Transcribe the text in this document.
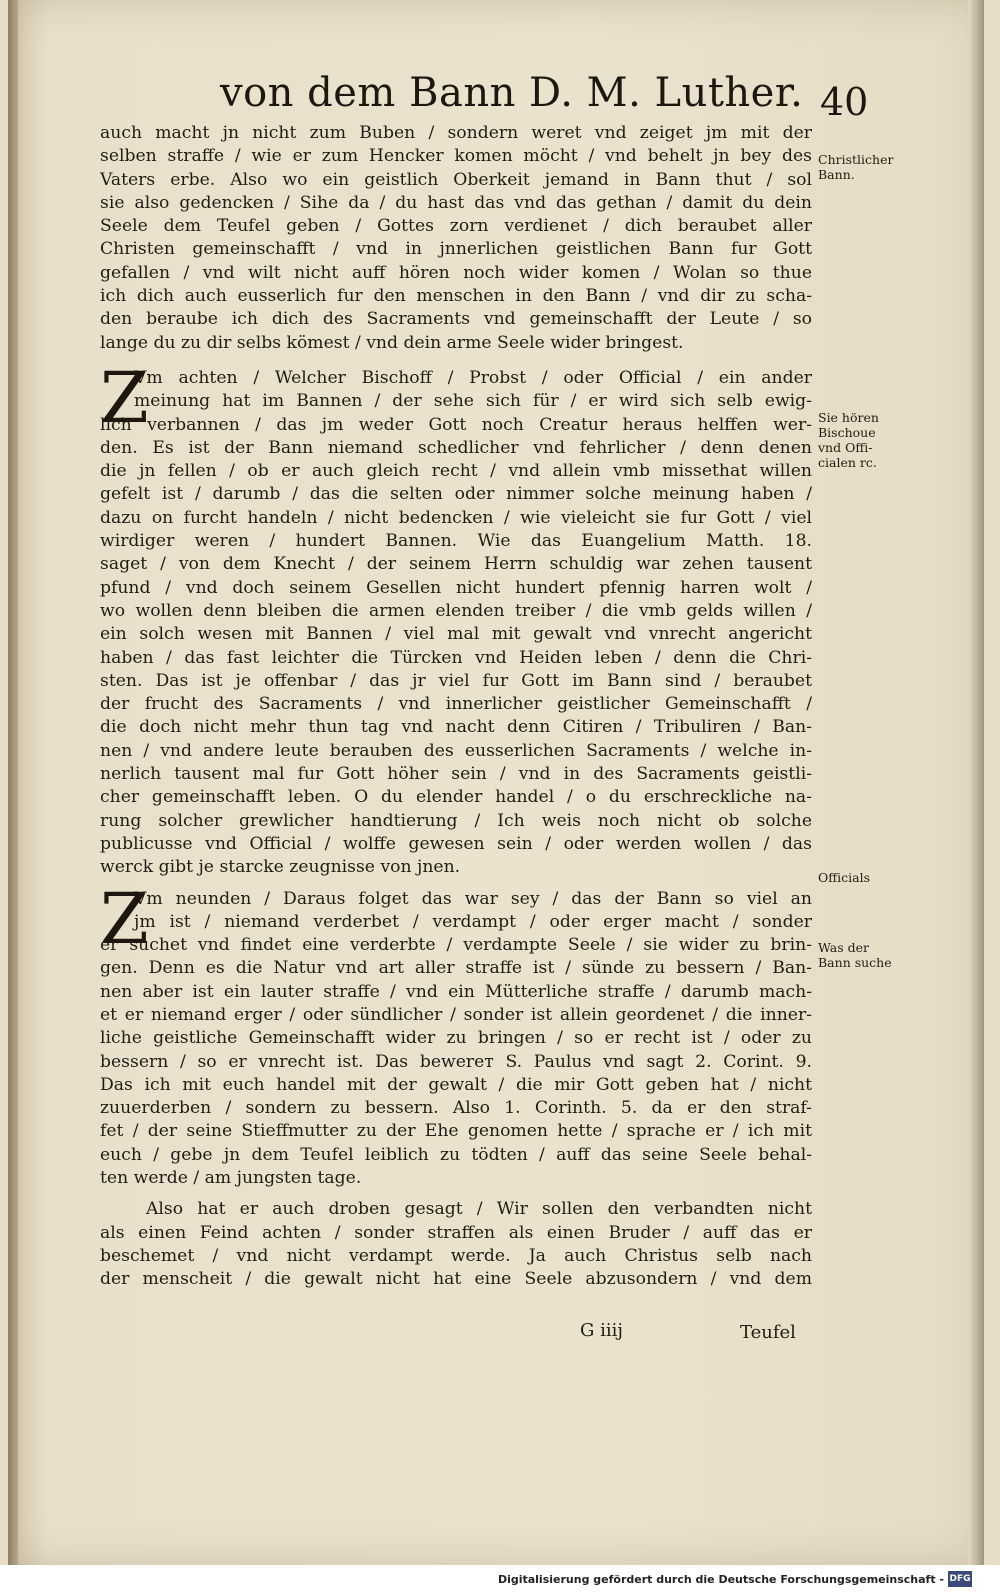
von dem Bann D. M. Luther. 40
auch macht jn nicht zum Buben / sondern weret vnd zeiget jm mit der
selben straffe / wie er zum Hencker komen möcht / vnd behelt jn bey des
Vaters erbe. Also wo ein geistlich Oberkeit jemand in Bann thut / sol
sie also gedencken / Sihe da / du hast das vnd das gethan / damit du dein
Seele dem Teufel geben / Gottes zorn verdienet / dich beraubet aller
Christen gemeinschafft / vnd in jnnerlichen geistlichen Bann fur Gott
gefallen / vnd wilt nicht auff hören noch wider komen / Wolan so thue
ich dich auch eusserlich fur den menschen in den Bann / vnd dir zu scha-
den beraube ich dich des Sacraments vnd gemeinschafft der Leute / so
lange du zu dir selbs kömest / vnd dein arme Seele wider bringest.
Z
Vm achten / Welcher Bischoff / Probst / oder Official / ein ander
meinung hat im Bannen / der sehe sich für / er wird sich selb ewig-
lich verbannen / das jm weder Gott noch Creatur heraus helffen wer-
den. Es ist der Bann niemand schedlicher vnd fehrlicher / denn denen
die jn fellen / ob er auch gleich recht / vnd allein vmb missethat willen
gefelt ist / darumb / das die selten oder nimmer solche meinung haben /
dazu on furcht handeln / nicht bedencken / wie vieleicht sie fur Gott / viel
wirdiger weren / hundert Bannen. Wie das Euangelium Matth. 18.
saget / von dem Knecht / der seinem Herrn schuldig war zehen tausent
pfund / vnd doch seinem Gesellen nicht hundert pfennig harren wolt /
wo wollen denn bleiben die armen elenden treiber / die vmb gelds willen /
ein solch wesen mit Bannen / viel mal mit gewalt vnd vnrecht angericht
haben / das fast leichter die Türcken vnd Heiden leben / denn die Chri-
sten. Das ist je offenbar / das jr viel fur Gott im Bann sind / beraubet
der frucht des Sacraments / vnd innerlicher geistlicher Gemeinschafft /
die doch nicht mehr thun tag vnd nacht denn Citiren / Tribuliren / Ban-
nen / vnd andere leute berauben des eusserlichen Sacraments / welche in-
nerlich tausent mal fur Gott höher sein / vnd in des Sacraments geistli-
cher gemeinschafft leben. O du elender handel / o du erschreckliche na-
rung solcher grewlicher handtierung / Ich weis noch nicht ob solche
publicusse vnd Official / wolffe gewesen sein / oder werden wollen / das
werck gibt je starcke zeugnisse von jnen.
Z
Vm neunden / Daraus folget das war sey / das der Bann so viel an
jm ist / niemand verderbet / verdampt / oder erger macht / sonder
er suchet vnd findet eine verderbte / verdampte Seele / sie wider zu brin-
gen. Denn es die Natur vnd art aller straffe ist / sünde zu bessern / Ban-
nen aber ist ein lauter straffe / vnd ein Mütterliche straffe / darumb mach-
et er niemand erger / oder sündlicher / sonder ist allein geordenet / die inner-
liche geistliche Gemeinschafft wider zu bringen / so er recht ist / oder zu
bessern / so er vnrecht ist. Das bewerет S. Paulus vnd sagt 2. Corint. 9.
Das ich mit euch handel mit der gewalt / die mir Gott geben hat / nicht
zuuerderben / sondern zu bessern. Also 1. Corinth. 5. da er den straf-
fet / der seine Stieffmutter zu der Ehe genomen hette / sprache er / ich mit
euch / gebe jn dem Teufel leiblich zu tödten / auff das seine Seele behal-
ten werde / am jungsten tage.
Also hat er auch droben gesagt / Wir sollen den verbandten nicht
als einen Feind achten / sonder straffen als einen Bruder / auff das er
beschemet / vnd nicht verdampt werde. Ja auch Christus selb nach
der menscheit / die gewalt nicht hat eine Seele abzusondern / vnd dem
Christlicher
Bann.
Sie hören
Bischoue
vnd Offi-
cialen rc.
Officials
Was der
Bann suche
G iiij	Teufel
Digitalisierung gefördert durch die Deutsche Forschungsgemeinschaft - DFG
